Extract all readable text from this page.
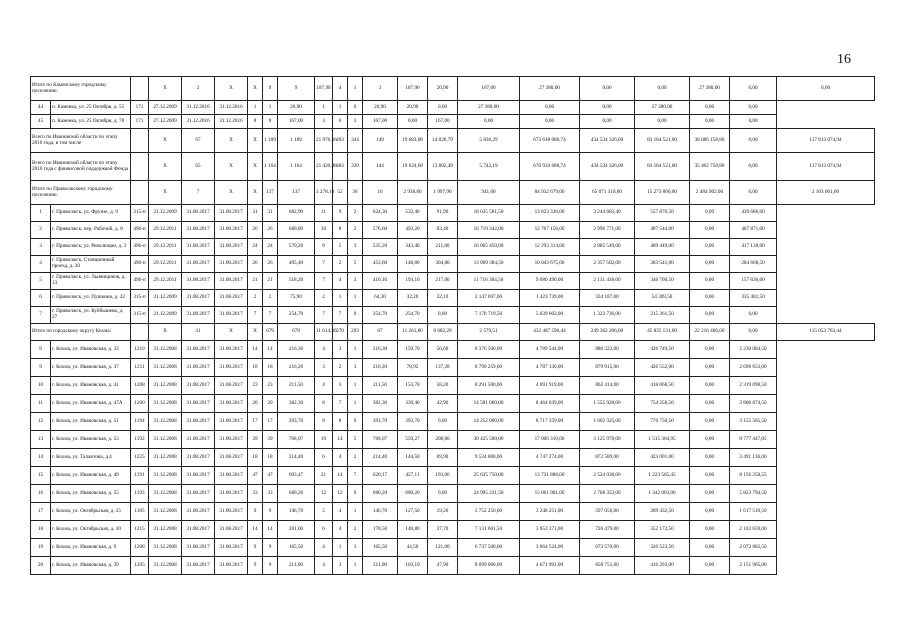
16
Итого по Каменскому городскому поселению:			X	2	X	X	9	9	187,90	4	1	3	187,90	20,90	167,00	27 380,00	0,00	0,00	27 380,00	0,00	0,00
44	п. Каменка, ул. 25 Октября, д. 55	171	27.12.2009	31.12.2016	31.12.2016	1	1	20,90	1	1	0	20,90	20,90	0,00	27 380,00	0,00	0,00	27 380,00	0,00	0,00	
45	п. Каменка, ул. 25 Октября, д. 78	171	27.12.2009	31.12.2016	31.12.2016	8	8	167,00	3	0	3	167,00	0,00	167,00	0,00	0,00	0,00	0,00	0,00	0,00	
Всего по Ивановской области по этапу 2016 года, в том числе			X	67	X	X	1 189	1 189	21 976,66	493	344	149	19 683,08	14 026,79	5 836,29	673 618 080,74	434 534 326,00	83 184 521,00	38 086 158,80	0,00	117 813 074,94
Всего по Ивановской области по этапу 2016 года с финансовой поддержкой Фонда			X	65	X	X	1 164	1 164	21 420,08	483	339	144	19 624,68	13 882,49	5 742,19	670 934 680,74	434 534 326,00	83 184 521,00	35 402 758,80	0,00	117 813 074,94
Итого по Приволжскому городскому поселению:			X	7	X	X	137	137	3 278,10	52	36	16	2 938,80	1 997,90	941,00	84 932 679,00	65 071 310,00	15 273 866,00	2 484 902,00	0,00	2 103 601,00
1	г. Приволжск, ул. Фрунзе, д. 9	315-п	31.12.2009	31.08.2017	31.08.2017	31	31	682,90	11	9	2	624,30	532,40	91,90	18 035 581,50	13 823 336,00	3 244 683,40	557 876,50	0,00	439 686,00	
2	г. Приволжск, пер. Рабочий, д. 8	496-п	29.12.2011	31.08.2017	31.08.2017	26	26	680,80	10	8	2	576,60	493,20	83,40	16 719 342,00	12 767 156,00	2 996 771,00	487 544,00	0,00	467 871,00	
3	г. Приволжск, ул. Революции, д. 2	496-п	29.12.2011	31.08.2017	31.08.2017	24	24	570,20	8	5	3	535,20	343,40	211,80	16 065 450,00	12 293 314,00	2 885 549,00	469 449,00	0,00	417 138,00	
4	г. Приволжск, Станционный проезд, д. 20	496-п	29.12.2011	31.08.2017	31.08.2017	26	26	495,40	7	2	5	453,60	148,80	304,80	13 069 384,50	10 043 675,00	2 357 502,00	383 541,00	0,00	284 668,50	
5	г. Приволжск, ул. Льнянщиков, д. 13	496-п	29.12.2011	31.08.2017	31.08.2017	21	21	518,20	7	4	3	410,10	193,10	217,00	11 716 304,50	9 080 490,00	2 131 418,00	346 760,50	0,00	157 836,00	
6	г. Приволжск, ул. Пушкина, д. 32	315-п	31.12.2009	31.08.2017	31.08.2017	2	2	75,90	2	1	1	64,30	32,20	32,10	2 147 697,00	1 423 739,00	334 187,00	54 369,50	0,00	335 401,50	
7	г. Приволжск, ул. Куйбышева, д. 27	315-п	31.12.2009	31.08.2017	31.08.2017	7	7	254,70	7	7	0	254,70	254,70	0,00	7 178 719,50	5 639 602,00	1 323 736,00	215 361,50	0,00	0,00	
Итого по городскому округу Кохма:			X	31	X	X	679	679	11 614,30	270	203	67	11 261,80	8 682,29	2 579,51	432 487 596,44	249 362 206,00	45 835 131,00	22 216 406,00	0,00	115 053 763,44
8	г. Кохма, ул. Ивановская, д. 33	1210	31.12.2008	31.08.2017	31.08.2017	14	14	216,30	4	3	1	216,30	159,70	56,60	8 376 500,00	4 789 544,00	880 322,00	426 749,50	0,00	2 230 084,50	
9	г. Кохма, ул. Ивановская, д. 37	1211	31.12.2008	31.08.2017	31.08.2017	18	18	216,20	3	2	3	216,20	78,92	137,28	8 790 259,00	4 787 130,00	879 915,00	426 552,00	0,00	2 696 653,00	
10	г. Кохма, ул. Ивановская, д. 41	1208	31.12.2008	31.08.2017	31.08.2017	23	23	211,50	4	3	1	211,50	153,70	58,20	8 291 500,00	4 691 919,00	862 414,00	418 068,50	0,00	2 319 098,50	
11	г. Кохма, ул. Ивановская, д. 47А	1200	31.12.2008	31.08.2017	31.08.2017	20	20	382,30	8	7	1	382,30	339,40	42,90	14 581 000,00	8 464 039,00	1 555 928,00	754 258,50	0,00	3 806 874,50	
12	г. Кохма, ул. Ивановская, д. 51	1194	31.12.2008	31.08.2017	31.08.2017	17	17	393,70	8	8	0	393,70	393,70	0,00	14 252 000,00	8 717 359,00	1 602 325,00	776 750,50	0,00	3 155 565,50	
13	г. Кохма, ул. Ивановская, д. 53	1192	31.12.2008	31.08.2017	31.08.2017	39	39	768,07	19	14	5	768,07	559,27	208,80	30 425 500,00	17 006 310,00	3 125 978,00	1 515 364,95	0,00	8 777 447,05	
14	г. Кохма, ул. Талантова, д.4	1225	31.12.2008	31.08.2017	31.08.2017	18	18	214,40	6	4	2	214,40	144,50	69,90	9 534 000,00	4 747 274,00	872 589,00	423 001,00	0,00	3 491 136,00	
15	г. Кохма, ул. Ивановская, д. 49	1191	31.12.2008	31.08.2017	31.08.2017	47	47	693,47	21	14	7	620,17	427,11	193,06	25 635 750,00	13 731 888,00	2 524 038,00	1 223 565,45	0,00	8 156 258,55	
16	г. Кохма, ул. Ивановская, д. 55	1193	31.12.2008	31.08.2017	31.08.2017	33	33	680,20	12	12	0	680,20	680,20	0,00	24 995 231,50	15 061 081,00	2 768 353,00	1 342 003,00	0,00	5 823 794,50	
17	г. Кохма, ул. Октябрьская, д. 25	1185	31.12.2008	31.08.2017	31.08.2017	9	9	146,70	5	4	1	146,70	127,50	19,20	5 752 250,00	3 248 251,00	597 056,00	289 432,50	0,00	1 617 510,50	
18	г. Кохма, ул. Октябрьская, д. 30	1215	31.12.2008	31.08.2017	31.08.2017	14	14	201,00	6	4	2	178,50	140,80	37,70	7 131 601,50	3 952 371,00	726 479,00	352 172,50	0,00	2 102 659,00	
19	г. Кохма, ул. Ивановская, д. 9	1208	31.12.2008	31.08.2017	31.08.2017	9	9	165,50	4	1	3	165,50	44,50	121,00	6 737 500,00	3 664 524,00	673 570,00	326 523,50	0,00	2 072 882,50	
20	г. Кохма, ул. Ивановская, д. 39	1205	31.12.2008	31.08.2017	31.08.2017	9	9	211,00	4	3	1	211,00	163,10	47,90	8 099 000,00	4 671 991,00	858 751,00	416 293,00	0,00	2 151 965,00	
